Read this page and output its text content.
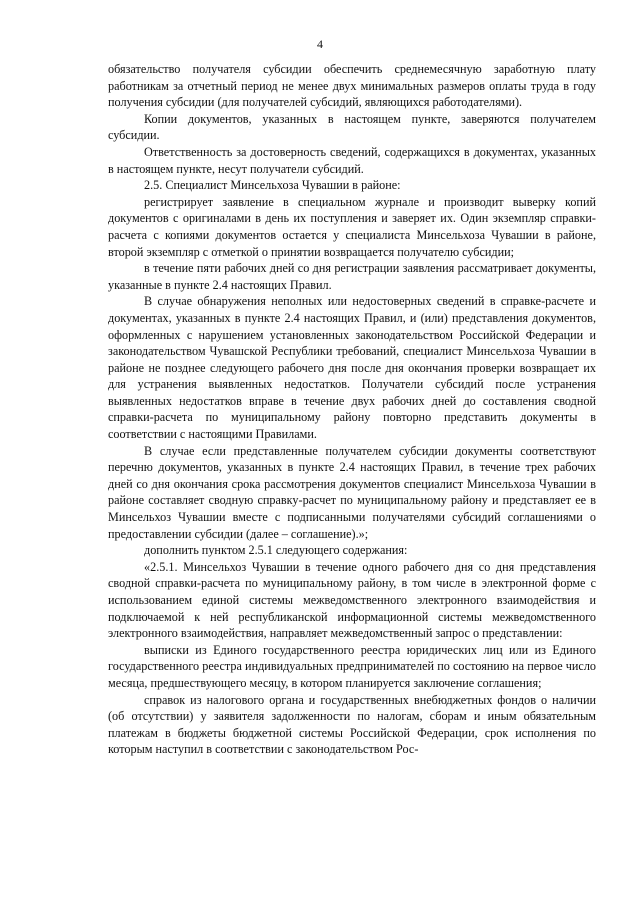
4

обязательство получателя субсидии обеспечить среднемесячную заработную плату работникам за отчетный период не менее двух минимальных размеров оплаты труда в году получения субсидии (для получателей субсидий, являющихся работодателями).

Копии документов, указанных в настоящем пункте, заверяются получателем субсидии.

Ответственность за достоверность сведений, содержащихся в документах, указанных в настоящем пункте, несут получатели субсидий.

2.5. Специалист Минсельхоза Чувашии в районе:

регистрирует заявление в специальном журнале и производит выверку копий документов с оригиналами в день их поступления и заверяет их. Один экземпляр справки-расчета с копиями документов остается у специалиста Минсельхоза Чувашии в районе, второй экземпляр с отметкой о принятии возвращается получателю субсидии;

в течение пяти рабочих дней со дня регистрации заявления рассматривает документы, указанные в пункте 2.4 настоящих Правил.

В случае обнаружения неполных или недостоверных сведений в справке-расчете и документах, указанных в пункте 2.4 настоящих Правил, и (или) представления документов, оформленных с нарушением установленных законодательством Российской Федерации и законодательством Чувашской Республики требований, специалист Минсельхоза Чувашии в районе не позднее следующего рабочего дня после дня окончания проверки возвращает их для устранения выявленных недостатков. Получатели субсидий после устранения выявленных недостатков вправе в течение двух рабочих дней до составления сводной справки-расчета по муниципальному району повторно представить документы в соответствии с настоящими Правилами.

В случае если представленные получателем субсидии документы соответствуют перечню документов, указанных в пункте 2.4 настоящих Правил, в течение трех рабочих дней со дня окончания срока рассмотрения документов специалист Минсельхоза Чувашии в районе составляет сводную справку-расчет по муниципальному району и представляет ее в Минсельхоз Чувашии вместе с подписанными получателями субсидий соглашениями о предоставлении субсидии (далее – соглашение).»;

дополнить пунктом 2.5.1 следующего содержания:

«2.5.1. Минсельхоз Чувашии в течение одного рабочего дня со дня представления сводной справки-расчета по муниципальному району, в том числе в электронной форме с использованием единой системы межведомственного электронного взаимодействия и подключаемой к ней республиканской информационной системы межведомственного электронного взаимодействия, направляет межведомственный запрос о представлении:

выписки из Единого государственного реестра юридических лиц или из Единого государственного реестра индивидуальных предпринимателей по состоянию на первое число месяца, предшествующего месяцу, в котором планируется заключение соглашения;

справок из налогового органа и государственных внебюджетных фондов о наличии (об отсутствии) у заявителя задолженности по налогам, сборам и иным обязательным платежам в бюджеты бюджетной системы Российской Федерации, срок исполнения по которым наступил в соответствии с законодательством Рос-
